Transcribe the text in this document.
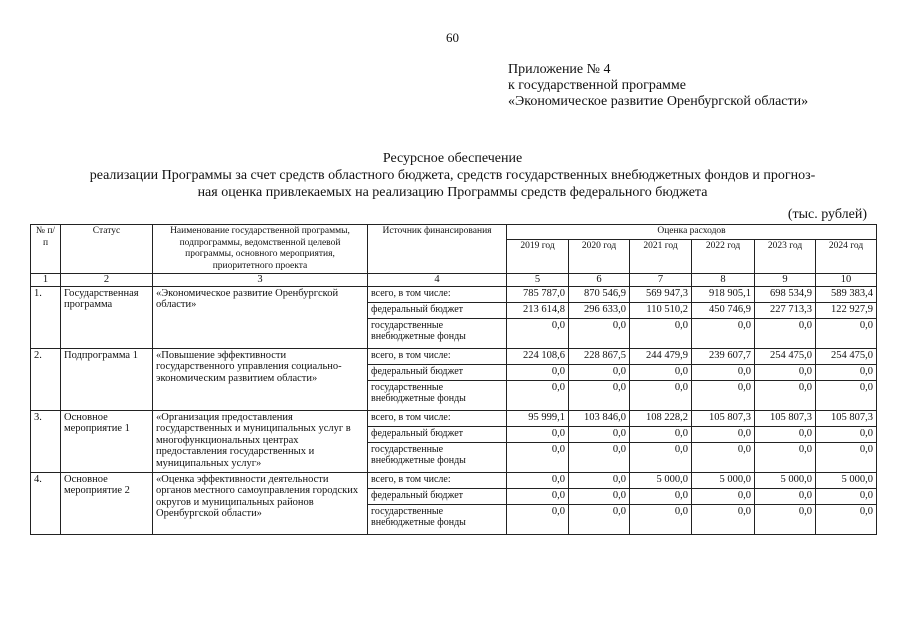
60
Приложение № 4
к государственной программе
«Экономическое развитие Оренбургской области»
Ресурсное обеспечение
реализации Программы за счет средств областного бюджета, средств государственных внебюджетных фондов и прогноз-
ная оценка привлекаемых на реализацию Программы средств федерального бюджета
(тыс. рублей)
№ п/п	Статус	Наименование государственной программы, подпрограммы, ведомственной целевой программы, основного мероприятия, приоритетного проекта	Источник финансирования	Оценка расходов					
				2019 год	2020 год	2021 год	2022 год	2023 год	2024 год
1	2	3	4	5	6	7	8	9	10
1.	Государственная программа	«Экономическое развитие Оренбургской области»	всего, в том числе:	785 787,0	870 546,9	569 947,3	918 905,1	698 534,9	589 383,4
			федеральный бюджет	213 614,8	296 633,0	110 510,2	450 746,9	227 713,3	122 927,9
			государственные внебюджетные фонды	0,0	0,0	0,0	0,0	0,0	0,0
2.	Подпрограмма 1	«Повышение эффективности государственного управления социально-экономическим развитием области»	всего, в том числе:	224 108,6	228 867,5	244 479,9	239 607,7	254 475,0	254 475,0
			федеральный бюджет	0,0	0,0	0,0	0,0	0,0	0,0
			государственные внебюджетные фонды	0,0	0,0	0,0	0,0	0,0	0,0
3.	Основное мероприятие 1	«Организация предоставления государственных и муниципальных услуг в многофункциональных центрах предоставления государственных и муниципальных услуг»	всего, в том числе:	95 999,1	103 846,0	108 228,2	105 807,3	105 807,3	105 807,3
			федеральный бюджет	0,0	0,0	0,0	0,0	0,0	0,0
			государственные внебюджетные фонды	0,0	0,0	0,0	0,0	0,0	0,0
4.	Основное мероприятие 2	«Оценка эффективности деятельности органов местного самоуправления городских округов и муниципальных районов Оренбургской области»	всего, в том числе:	0,0	0,0	5 000,0	5 000,0	5 000,0	5 000,0
			федеральный бюджет	0,0	0,0	0,0	0,0	0,0	0,0
			государственные внебюджетные фонды	0,0	0,0	0,0	0,0	0,0	0,0
